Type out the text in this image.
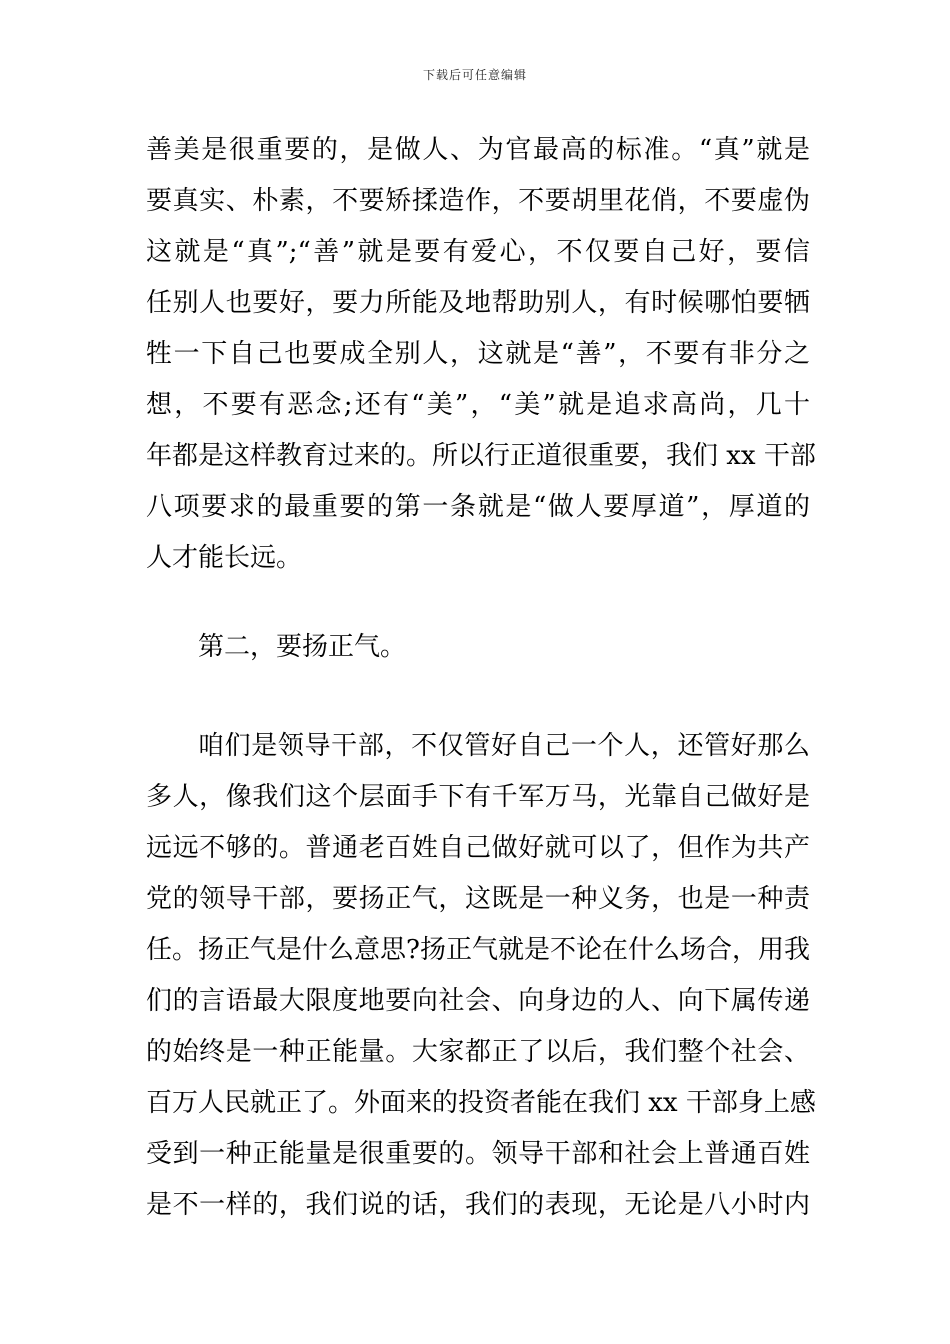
下载后可任意编辑
善美是很重要的，是做人、为官最高的标准。“真”就是
要真实、朴素，不要矫揉造作，不要胡里花俏，不要虚伪
这就是“真”;“善”就是要有爱心，不仅要自己好，要信
任别人也要好，要力所能及地帮助别人，有时候哪怕要牺
牲一下自己也要成全别人，这就是“善”，不要有非分之
想，不要有恶念;还有“美”，“美”就是追求高尚，几十
年都是这样教育过来的。所以行正道很重要，我们 xx 干部
八项要求的最重要的第一条就是“做人要厚道”，厚道的
人才能长远。
第二，要扬正气。
咱们是领导干部，不仅管好自己一个人，还管好那么
多人，像我们这个层面手下有千军万马，光靠自己做好是
远远不够的。普通老百姓自己做好就可以了，但作为共产
党的领导干部，要扬正气，这既是一种义务，也是一种责
任。扬正气是什么意思?扬正气就是不论在什么场合，用我
们的言语最大限度地要向社会、向身边的人、向下属传递
的始终是一种正能量。大家都正了以后，我们整个社会、
百万人民就正了。外面来的投资者能在我们 xx 干部身上感
受到一种正能量是很重要的。领导干部和社会上普通百姓
是不一样的，我们说的话，我们的表现，无论是八小时内
